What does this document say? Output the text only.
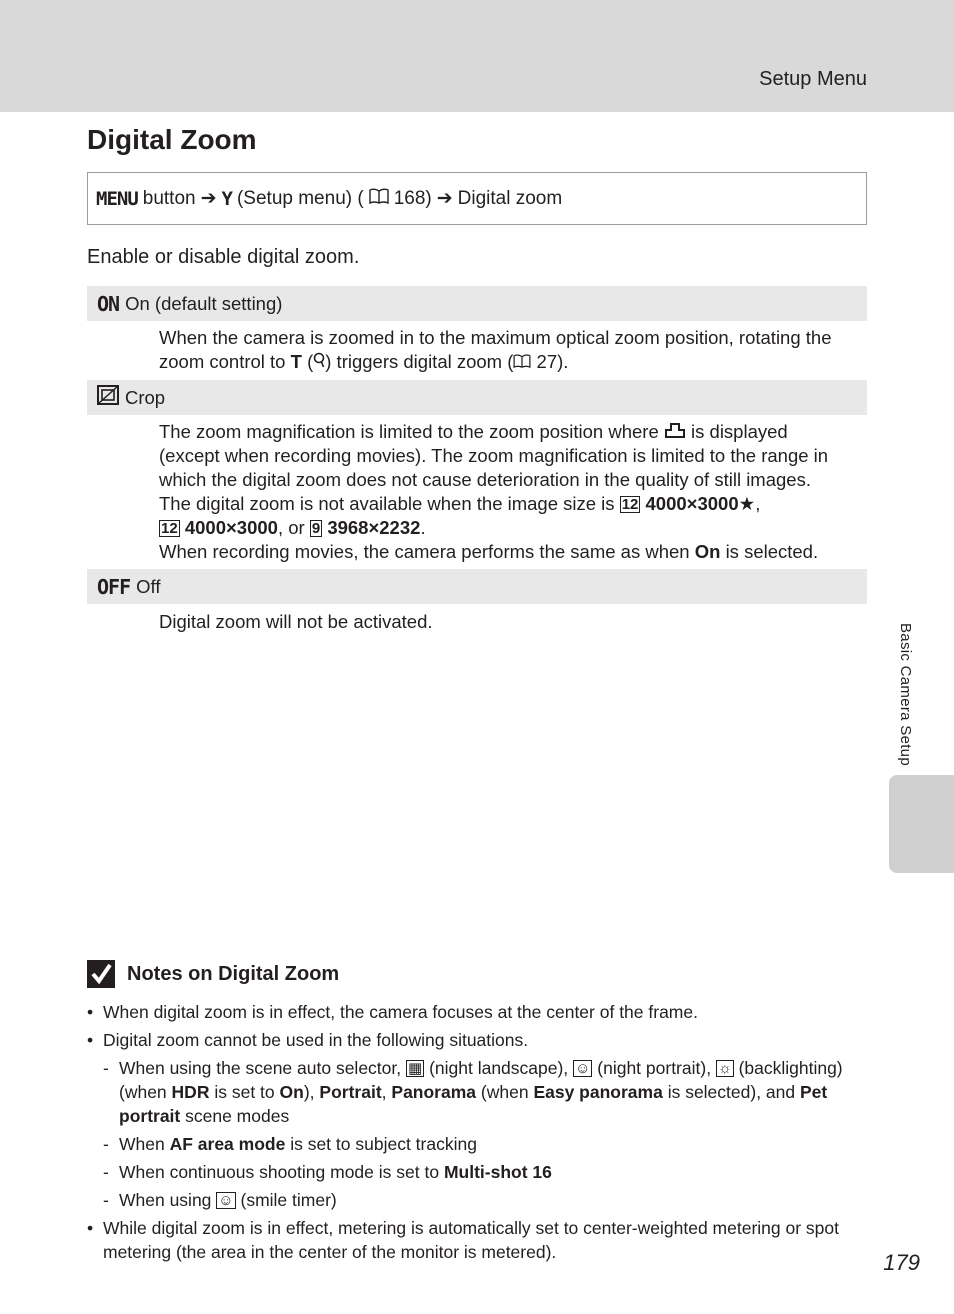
Setup Menu
Digital Zoom
MENU button ➔ Y (Setup menu) ( 168) ➔ Digital zoom
Enable or disable digital zoom.
ON On (default setting)
When the camera is zoomed in to the maximum optical zoom position, rotating the
zoom control to T ( ) triggers digital zoom ( 27).
Crop
The zoom magnification is limited to the zoom position where is displayed
(except when recording movies). The zoom magnification is limited to the range in
which the digital zoom does not cause deterioration in the quality of still images.
The digital zoom is not available when the image size is 12 4000×3000★,
12 4000×3000, or 9 3968×2232.
When recording movies, the camera performs the same as when On is selected.
OFF Off
Digital zoom will not be activated.
Basic Camera Setup
Notes on Digital Zoom
• When digital zoom is in effect, the camera focuses at the center of the frame.
• Digital zoom cannot be used in the following situations.
- When using the scene auto selector, ▦ (night landscape), ☺ (night portrait), ☼ (backlighting) (when HDR is set to On), Portrait, Panorama (when Easy panorama is selected), and Pet portrait scene modes
- When AF area mode is set to subject tracking
- When continuous shooting mode is set to Multi-shot 16
- When using ☺ (smile timer)
• While digital zoom is in effect, metering is automatically set to center-weighted metering or spot metering (the area in the center of the monitor is metered).	179
